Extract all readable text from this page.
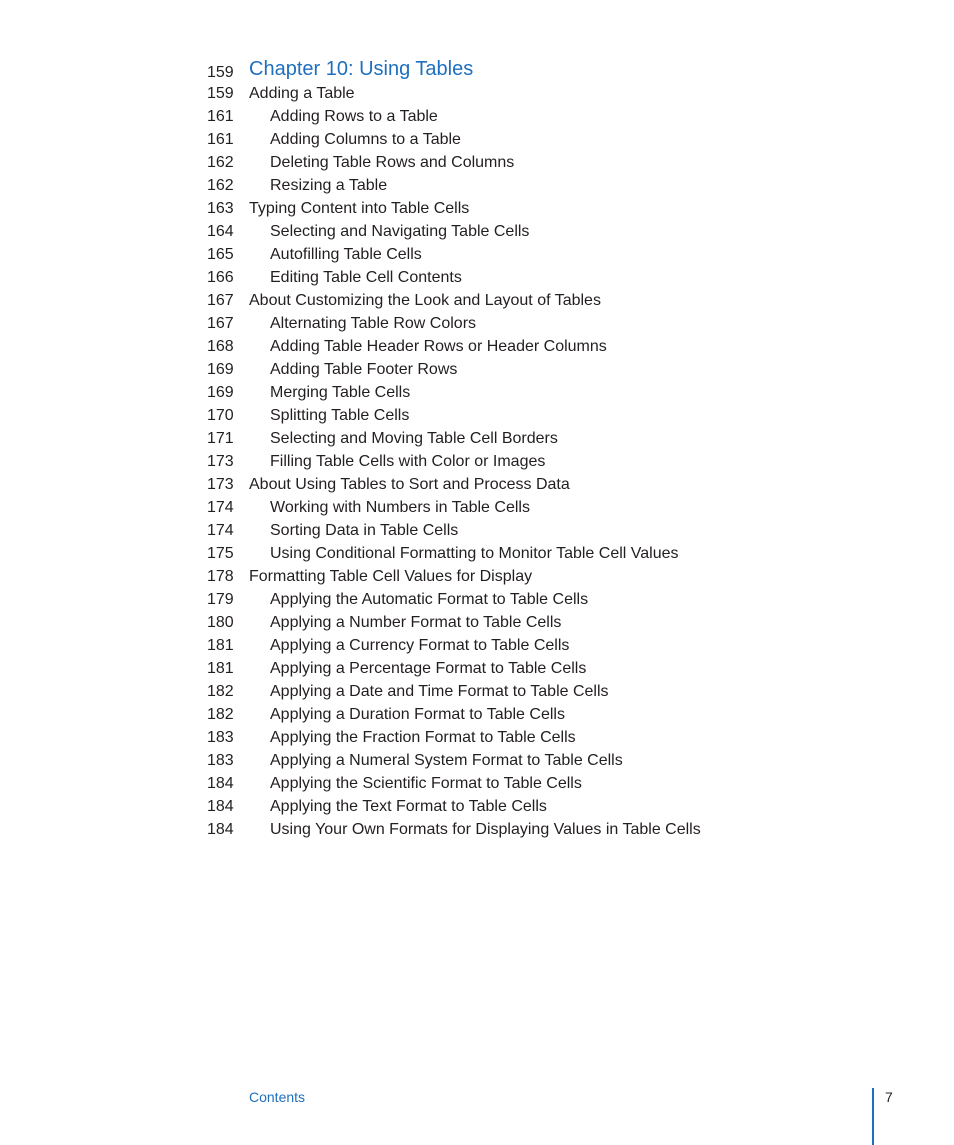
159 Chapter 10: Using Tables
159 Adding a Table
161 Adding Rows to a Table
161 Adding Columns to a Table
162 Deleting Table Rows and Columns
162 Resizing a Table
163 Typing Content into Table Cells
164 Selecting and Navigating Table Cells
165 Autofilling Table Cells
166 Editing Table Cell Contents
167 About Customizing the Look and Layout of Tables
167 Alternating Table Row Colors
168 Adding Table Header Rows or Header Columns
169 Adding Table Footer Rows
169 Merging Table Cells
170 Splitting Table Cells
171 Selecting and Moving Table Cell Borders
173 Filling Table Cells with Color or Images
173 About Using Tables to Sort and Process Data
174 Working with Numbers in Table Cells
174 Sorting Data in Table Cells
175 Using Conditional Formatting to Monitor Table Cell Values
178 Formatting Table Cell Values for Display
179 Applying the Automatic Format to Table Cells
180 Applying a Number Format to Table Cells
181 Applying a Currency Format to Table Cells
181 Applying a Percentage Format to Table Cells
182 Applying a Date and Time Format to Table Cells
182 Applying a Duration Format to Table Cells
183 Applying the Fraction Format to Table Cells
183 Applying a Numeral System Format to Table Cells
184 Applying the Scientific Format to Table Cells
184 Applying the Text Format to Table Cells
184 Using Your Own Formats for Displaying Values in Table Cells
Contents	7
